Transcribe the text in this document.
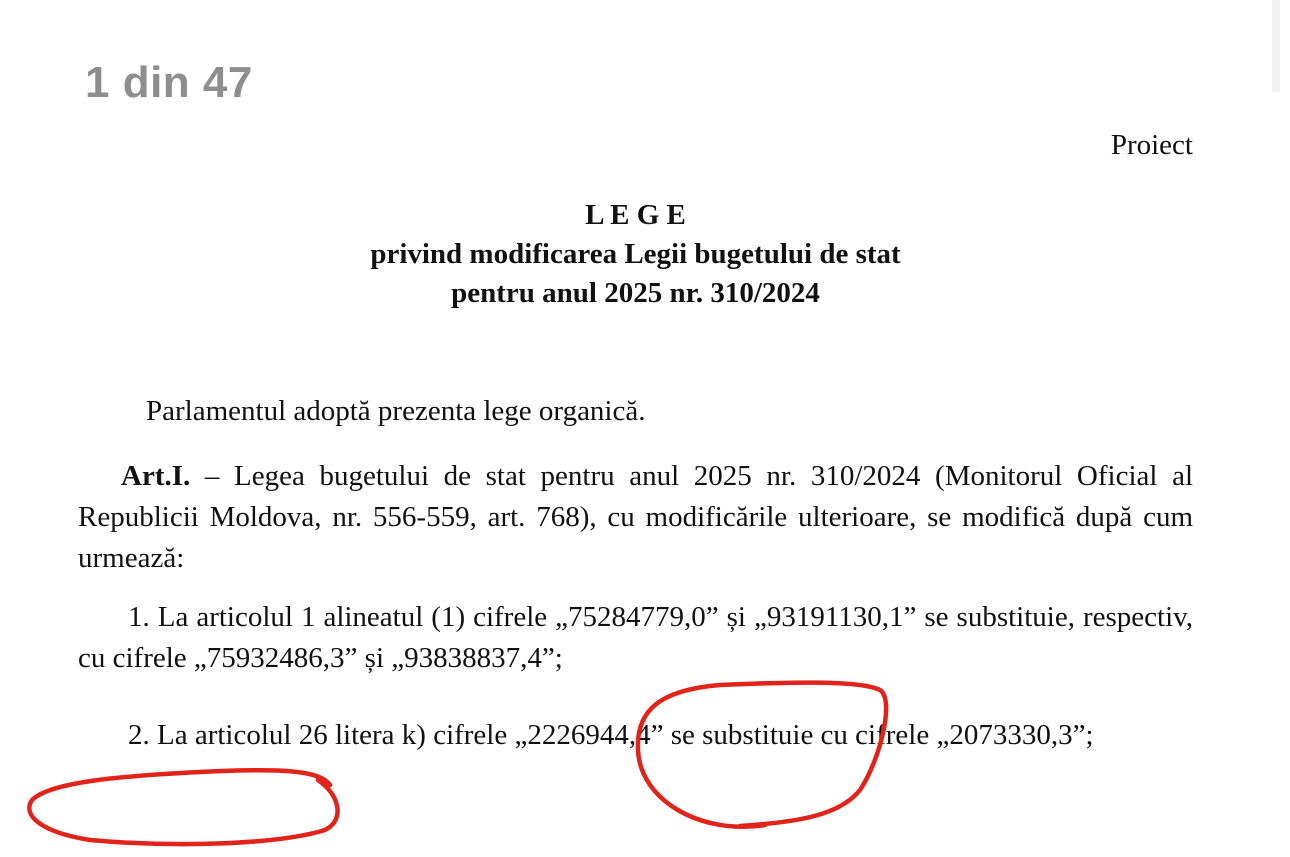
1 din 47

Proiect

L E G E
privind modificarea Legii bugetului de stat
pentru anul 2025 nr. 310/2024

Parlamentul adoptă prezenta lege organică.

Art.I. – Legea bugetului de stat pentru anul 2025 nr. 310/2024 (Monitorul Oficial al Republicii Moldova, nr. 556-559, art. 768), cu modificările ulterioare, se modifică după cum urmează:

1. La articolul 1 alineatul (1) cifrele „75284779,0” și „93191130,1” se substituie, respectiv, cu cifrele „75932486,3” și „93838837,4”;

2. La articolul 26 litera k) cifrele „2226944,4” se substituie cu cifrele „2073330,3”;
